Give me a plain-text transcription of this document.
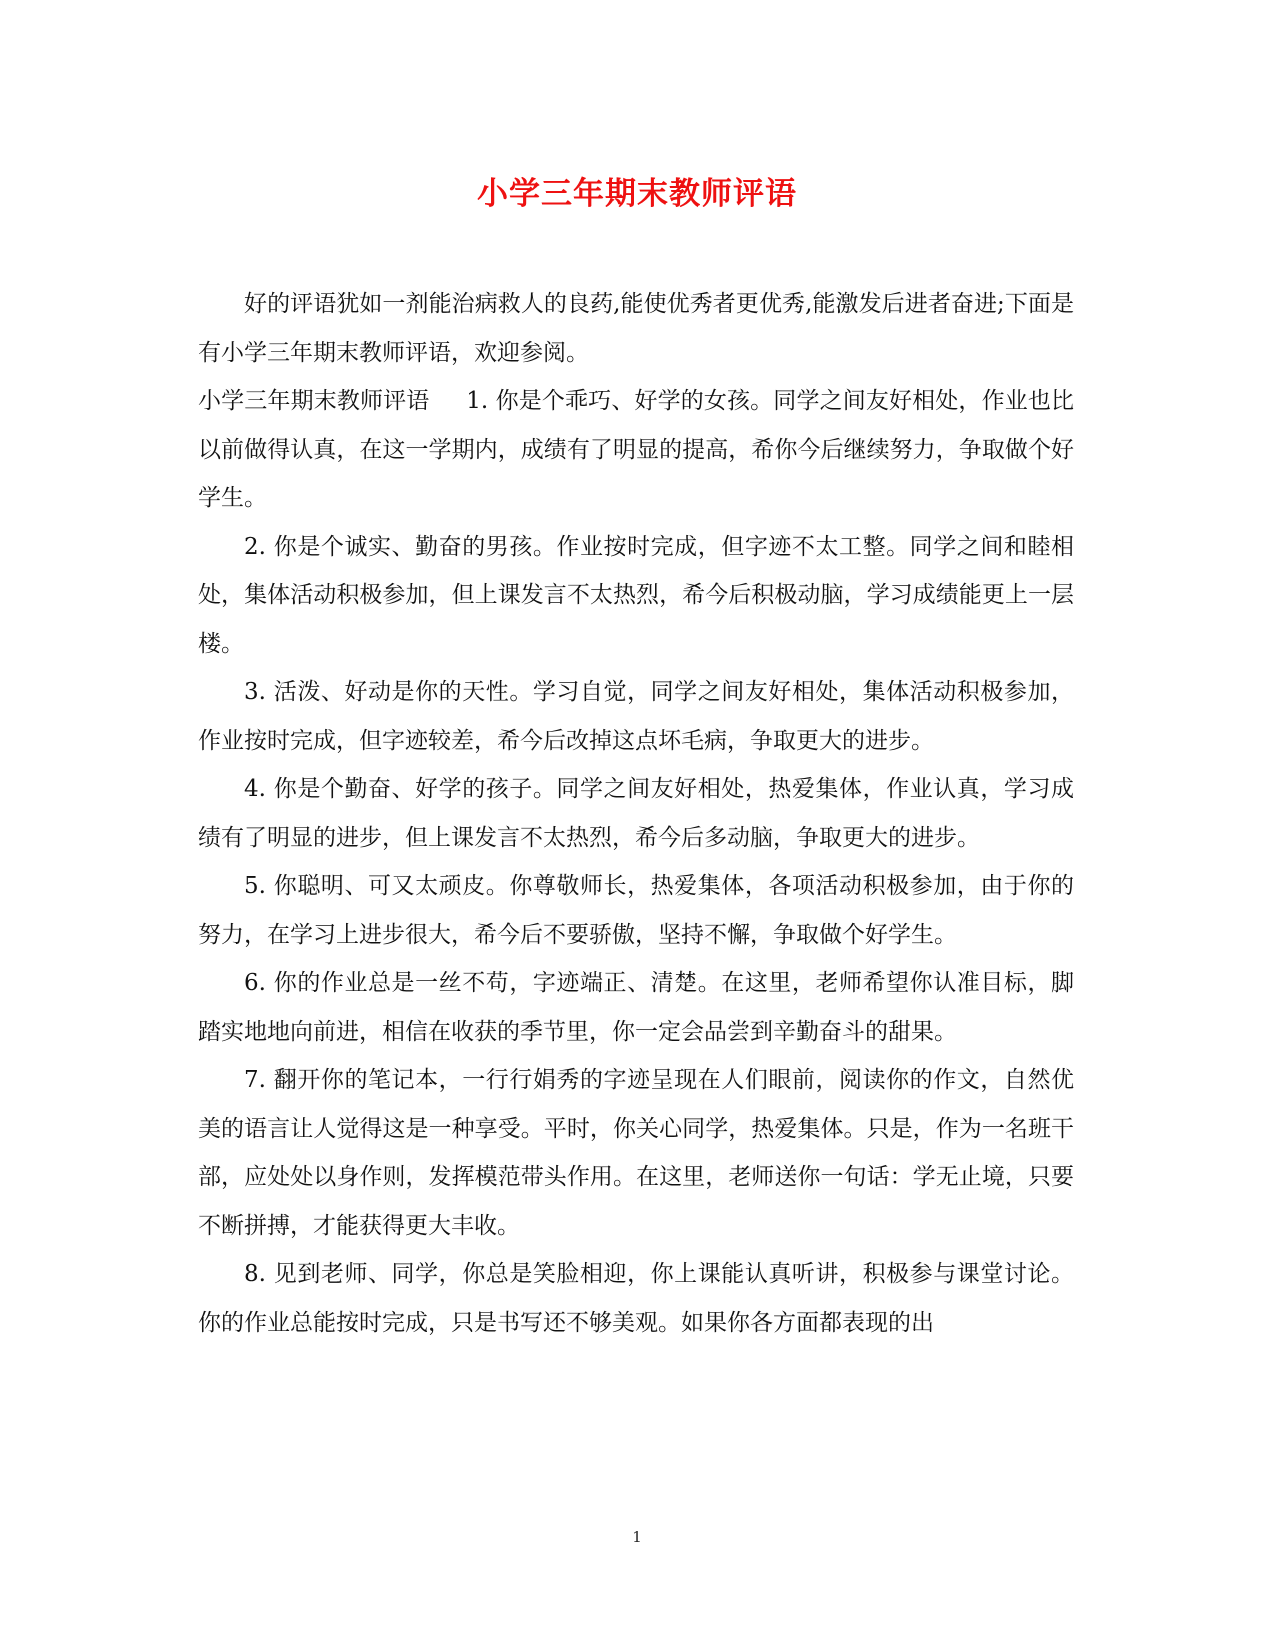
小学三年期末教师评语

好的评语犹如一剂能治病救人的良药,能使优秀者更优秀,能激发后进者奋进;下面是有小学三年期末教师评语，欢迎参阅。

小学三年期末教师评语 1. 你是个乖巧、好学的女孩。同学之间友好相处，作业也比以前做得认真，在这一学期内，成绩有了明显的提高，希你今后继续努力，争取做个好学生。

2. 你是个诚实、勤奋的男孩。作业按时完成，但字迹不太工整。同学之间和睦相处，集体活动积极参加，但上课发言不太热烈，希今后积极动脑，学习成绩能更上一层楼。

3. 活泼、好动是你的天性。学习自觉，同学之间友好相处，集体活动积极参加，作业按时完成，但字迹较差，希今后改掉这点坏毛病，争取更大的进步。

4. 你是个勤奋、好学的孩子。同学之间友好相处，热爱集体，作业认真，学习成绩有了明显的进步，但上课发言不太热烈，希今后多动脑，争取更大的进步。

5. 你聪明、可又太顽皮。你尊敬师长，热爱集体，各项活动积极参加，由于你的努力，在学习上进步很大，希今后不要骄傲，坚持不懈，争取做个好学生。

6. 你的作业总是一丝不苟，字迹端正、清楚。在这里，老师希望你认准目标，脚踏实地地向前进，相信在收获的季节里，你一定会品尝到辛勤奋斗的甜果。

7. 翻开你的笔记本，一行行娟秀的字迹呈现在人们眼前，阅读你的作文，自然优美的语言让人觉得这是一种享受。平时，你关心同学，热爱集体。只是，作为一名班干部，应处处以身作则，发挥模范带头作用。在这里，老师送你一句话：学无止境，只要不断拼搏，才能获得更大丰收。

8. 见到老师、同学，你总是笑脸相迎，你上课能认真听讲，积极参与课堂讨论。你的作业总能按时完成，只是书写还不够美观。如果你各方面都表现的出

1
